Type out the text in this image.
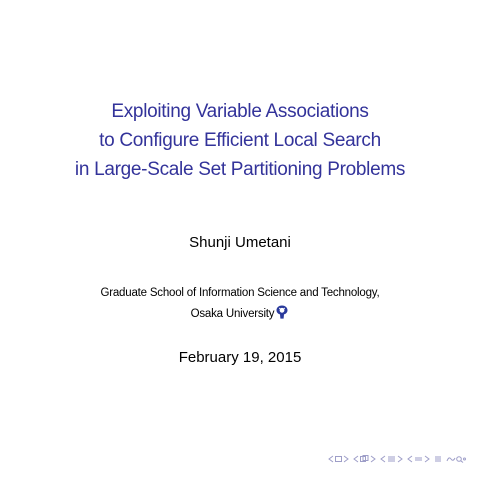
Exploiting Variable Associations
to Configure Efficient Local Search
in Large-Scale Set Partitioning Problems
Shunji Umetani
Graduate School of Information Science and Technology,
Osaka University
February 19, 2015
